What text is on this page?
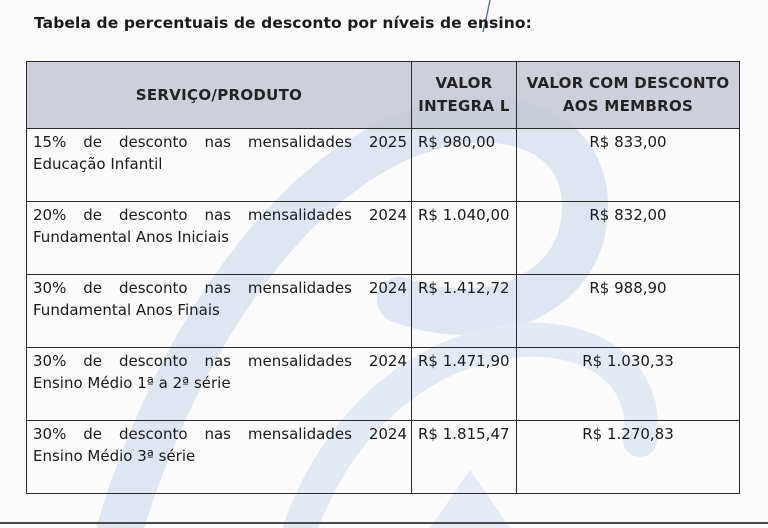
Tabela de percentuais de desconto por níveis de ensino:
SERVIÇO/PRODUTO	VALOR INTEGRA L	VALOR COM DESCONTO AOS MEMBROS

15% de desconto nas mensalidades 2025
Educação Infantil	R$ 980,00	R$ 833,00

20% de desconto nas mensalidades 2024
Fundamental Anos Iniciais	R$ 1.040,00	R$ 832,00

30% de desconto nas mensalidades 2024
Fundamental Anos Finais	R$ 1.412,72	R$ 988,90

30% de desconto nas mensalidades 2024
Ensino Médio 1ª a 2ª série	R$ 1.471,90	R$ 1.030,33

30% de desconto nas mensalidades 2024
Ensino Médio 3ª série	R$ 1.815,47	R$ 1.270,83
